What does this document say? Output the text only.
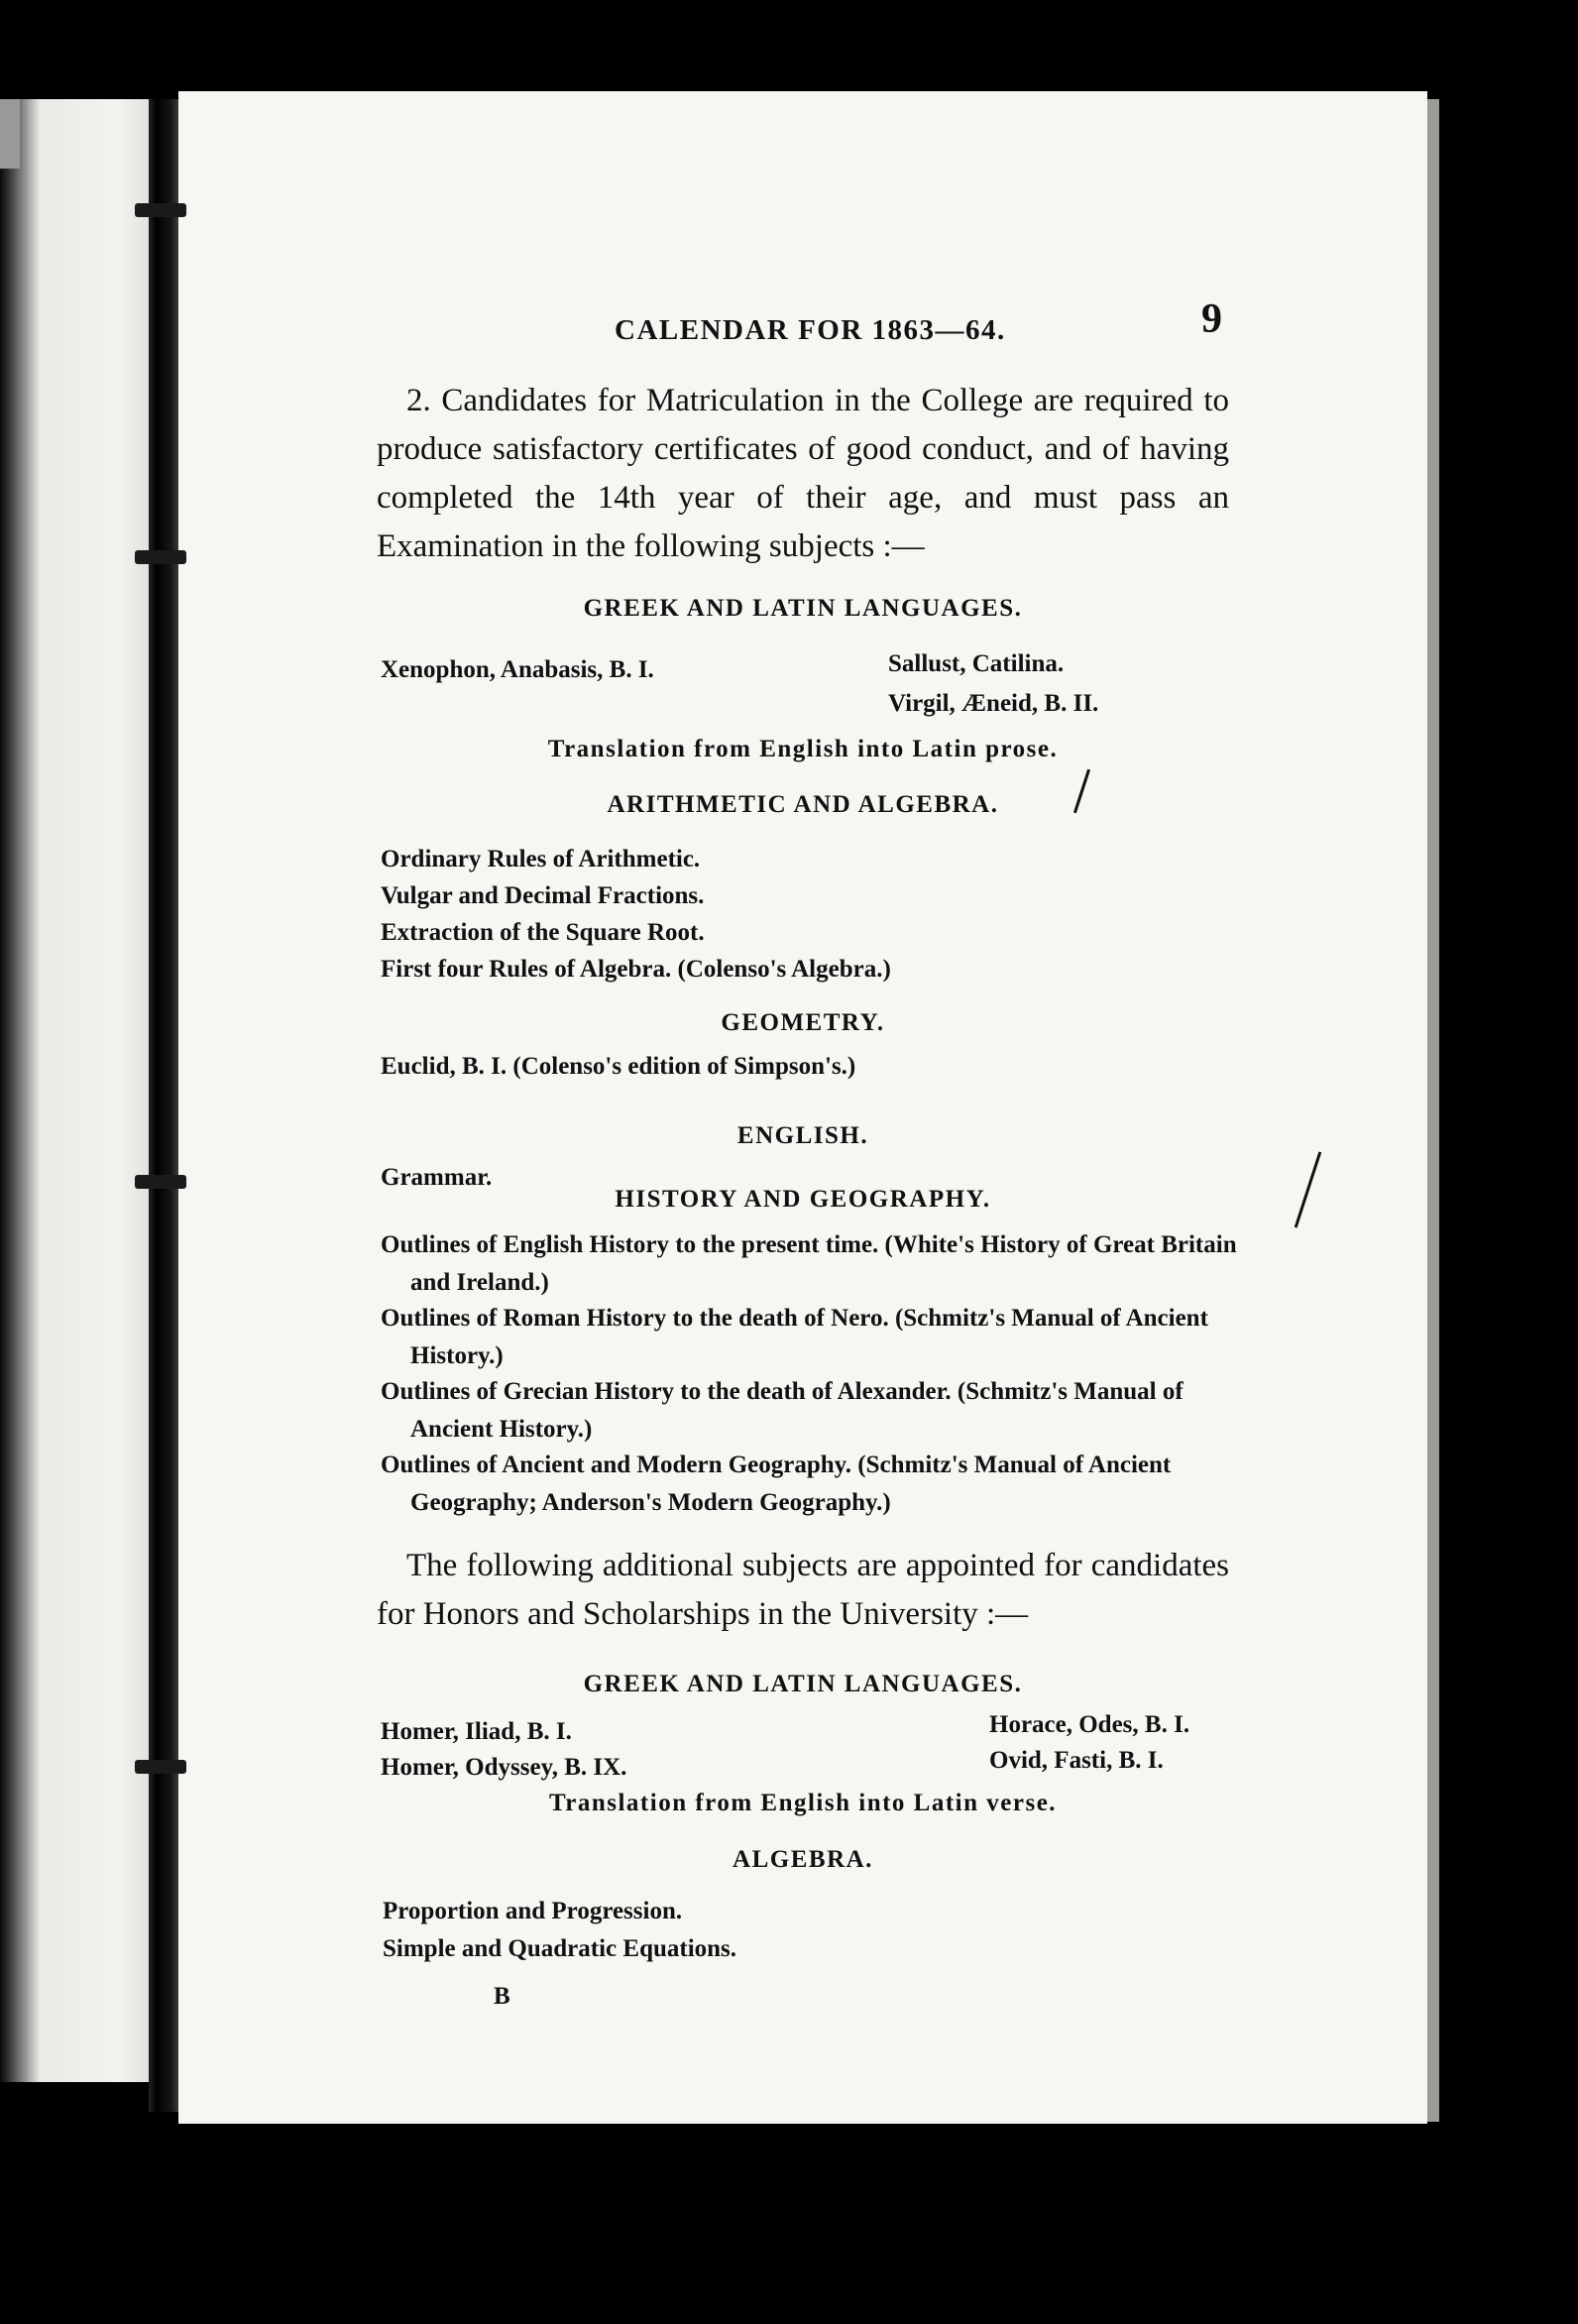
CALENDAR FOR 1863—64.	9
2. Candidates for Matriculation in the College are required to produce satisfactory certificates of good conduct, and of having completed the 14th year of their age, and must pass an Examination in the following subjects :—
GREEK AND LATIN LANGUAGES.
Xenophon, Anabasis, B. I.	Sallust, Catilina.
Virgil, Æneid, B. II.
Translation from English into Latin prose.
ARITHMETIC AND ALGEBRA.
Ordinary Rules of Arithmetic.
Vulgar and Decimal Fractions.
Extraction of the Square Root.
First four Rules of Algebra. (Colenso's Algebra.)
GEOMETRY.
Euclid, B. I. (Colenso's edition of Simpson's.)
ENGLISH.
Grammar.
HISTORY AND GEOGRAPHY.
Outlines of English History to the present time. (White's History of Great Britain and Ireland.)
Outlines of Roman History to the death of Nero. (Schmitz's Manual of Ancient History.)
Outlines of Grecian History to the death of Alexander. (Schmitz's Manual of Ancient History.)
Outlines of Ancient and Modern Geography. (Schmitz's Manual of Ancient Geography; Anderson's Modern Geography.)
The following additional subjects are appointed for candidates for Honors and Scholarships in the University :—
GREEK AND LATIN LANGUAGES.
Homer, Iliad, B. I.	Horace, Odes, B. I.
Homer, Odyssey, B. IX.	Ovid, Fasti, B. I.
Translation from English into Latin verse.
ALGEBRA.
Proportion and Progression.
Simple and Quadratic Equations.
B
